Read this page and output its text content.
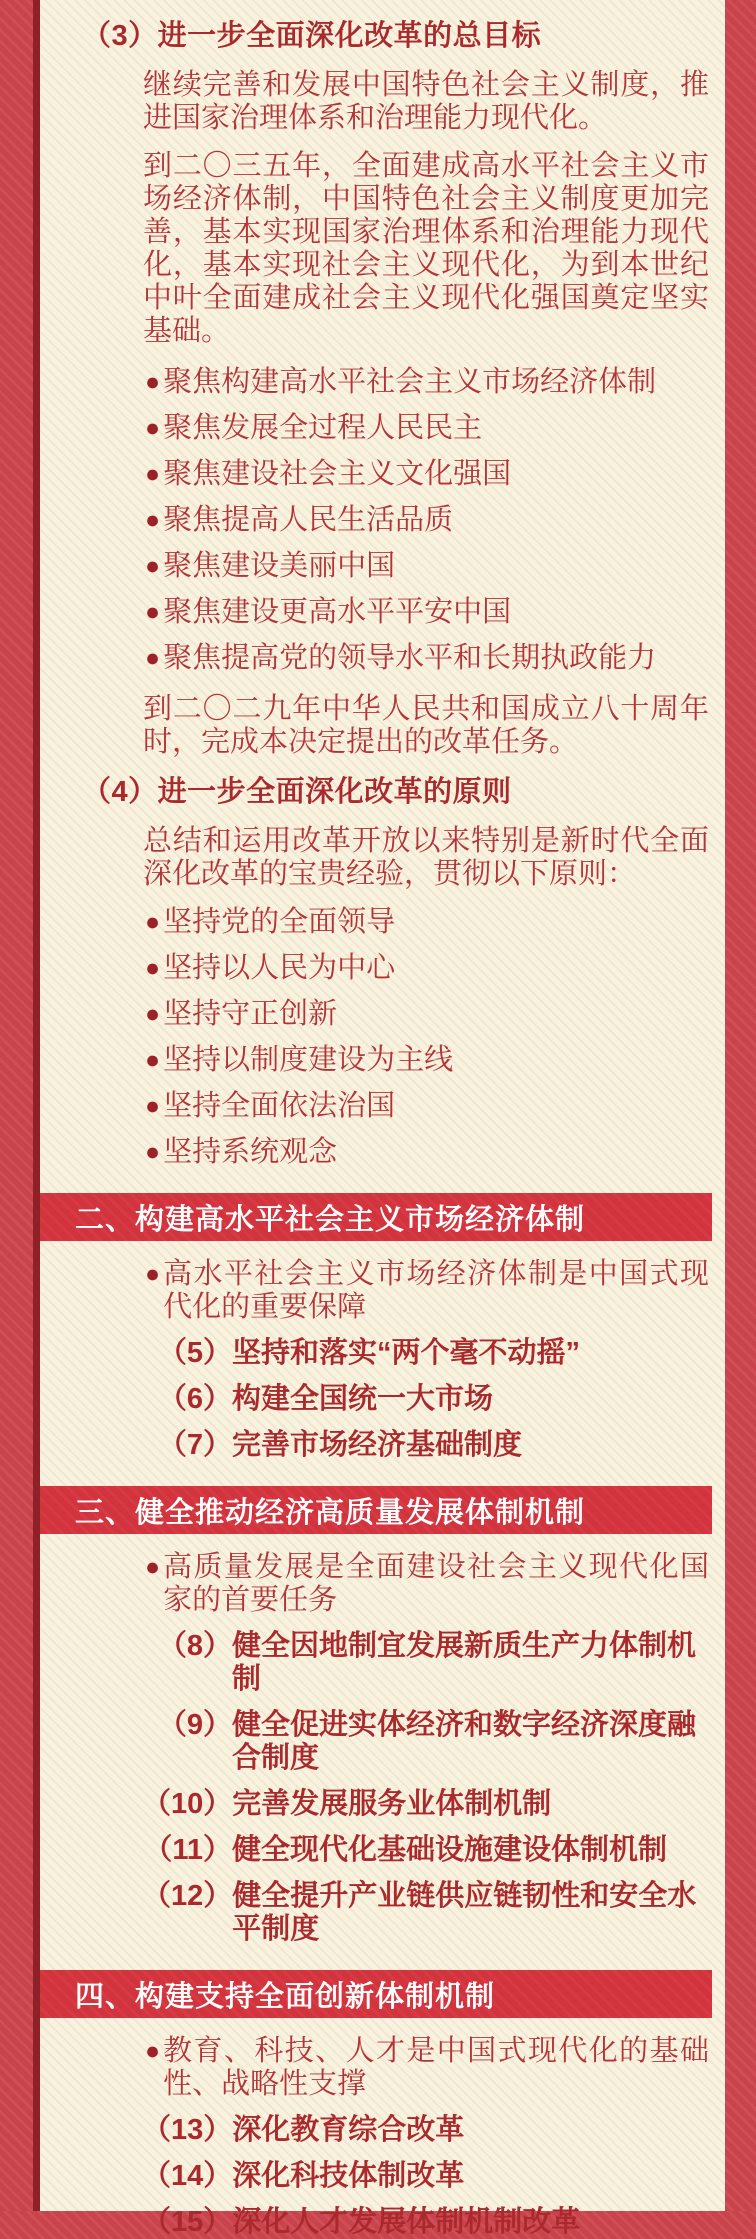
（3）进一步全面深化改革的总目标
继续完善和发展中国特色社会主义制度，推进国家治理体系和治理能力现代化。
到二〇三五年，全面建成高水平社会主义市场经济体制，中国特色社会主义制度更加完善，基本实现国家治理体系和治理能力现代化，基本实现社会主义现代化，为到本世纪中叶全面建成社会主义现代化强国奠定坚实基础。
● 聚焦构建高水平社会主义市场经济体制
● 聚焦发展全过程人民民主
● 聚焦建设社会主义文化强国
● 聚焦提高人民生活品质
● 聚焦建设美丽中国
● 聚焦建设更高水平平安中国
● 聚焦提高党的领导水平和长期执政能力
到二〇二九年中华人民共和国成立八十周年时，完成本决定提出的改革任务。
（4）进一步全面深化改革的原则
总结和运用改革开放以来特别是新时代全面深化改革的宝贵经验，贯彻以下原则：
● 坚持党的全面领导
● 坚持以人民为中心
● 坚持守正创新
● 坚持以制度建设为主线
● 坚持全面依法治国
● 坚持系统观念
二、构建高水平社会主义市场经济体制
● 高水平社会主义市场经济体制是中国式现代化的重要保障
（5） 坚持和落实“两个毫不动摇”
（6） 构建全国统一大市场
（7） 完善市场经济基础制度
三、健全推动经济高质量发展体制机制
● 高质量发展是全面建设社会主义现代化国家的首要任务
（8） 健全因地制宜发展新质生产力体制机制
（9） 健全促进实体经济和数字经济深度融合制度
（10） 完善发展服务业体制机制
（11） 健全现代化基础设施建设体制机制
（12） 健全提升产业链供应链韧性和安全水平制度
四、构建支持全面创新体制机制
● 教育、科技、人才是中国式现代化的基础性、战略性支撑
（13） 深化教育综合改革
（14） 深化科技体制改革
（15） 深化人才发展体制机制改革
